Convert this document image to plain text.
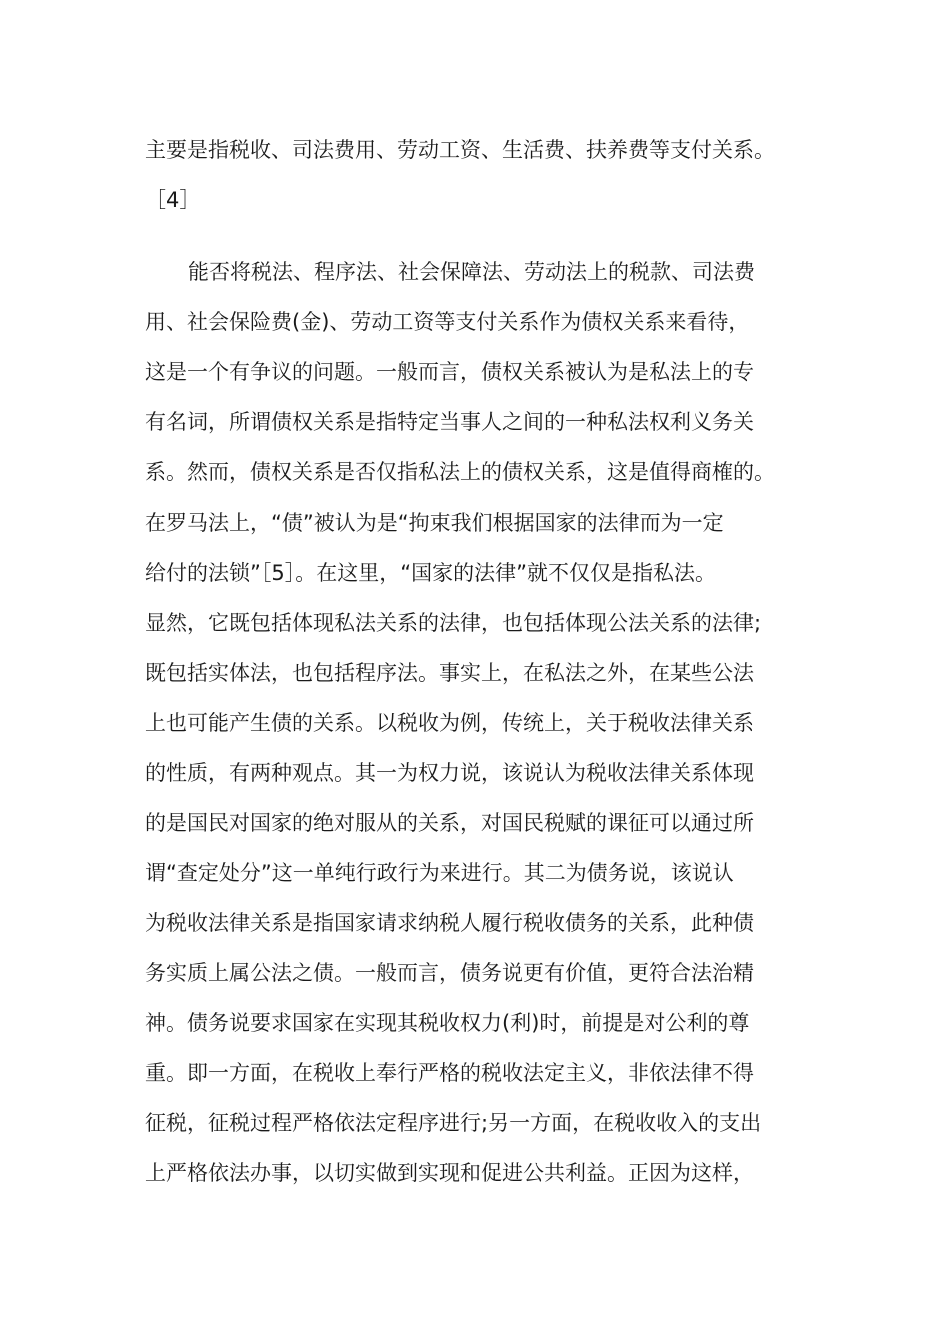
主要是指税收、司法费用、劳动工资、生活费、扶养费等支付关系。
［4］
能否将税法、程序法、社会保障法、劳动法上的税款、司法费
用、社会保险费(金)、劳动工资等支付关系作为债权关系来看待，
这是一个有争议的问题。一般而言，债权关系被认为是私法上的专
有名词，所谓债权关系是指特定当事人之间的一种私法权利义务关
系。然而，债权关系是否仅指私法上的债权关系，这是值得商榷的。
在罗马法上，“债”被认为是“拘束我们根据国家的法律而为一定
给付的法锁”［5］。在这里，“国家的法律”就不仅仅是指私法。
显然，它既包括体现私法关系的法律，也包括体现公法关系的法律;
既包括实体法，也包括程序法。事实上，在私法之外，在某些公法
上也可能产生债的关系。以税收为例，传统上，关于税收法律关系
的性质，有两种观点。其一为权力说，该说认为税收法律关系体现
的是国民对国家的绝对服从的关系，对国民税赋的课征可以通过所
谓“查定处分”这一单纯行政行为来进行。其二为债务说，该说认
为税收法律关系是指国家请求纳税人履行税收债务的关系，此种债
务实质上属公法之债。一般而言，债务说更有价值，更符合法治精
神。债务说要求国家在实现其税收权力(利)时，前提是对公利的尊
重。即一方面，在税收上奉行严格的税收法定主义，非依法律不得
征税，征税过程严格依法定程序进行;另一方面，在税收收入的支出
上严格依法办事，以切实做到实现和促进公共利益。正因为这样，
